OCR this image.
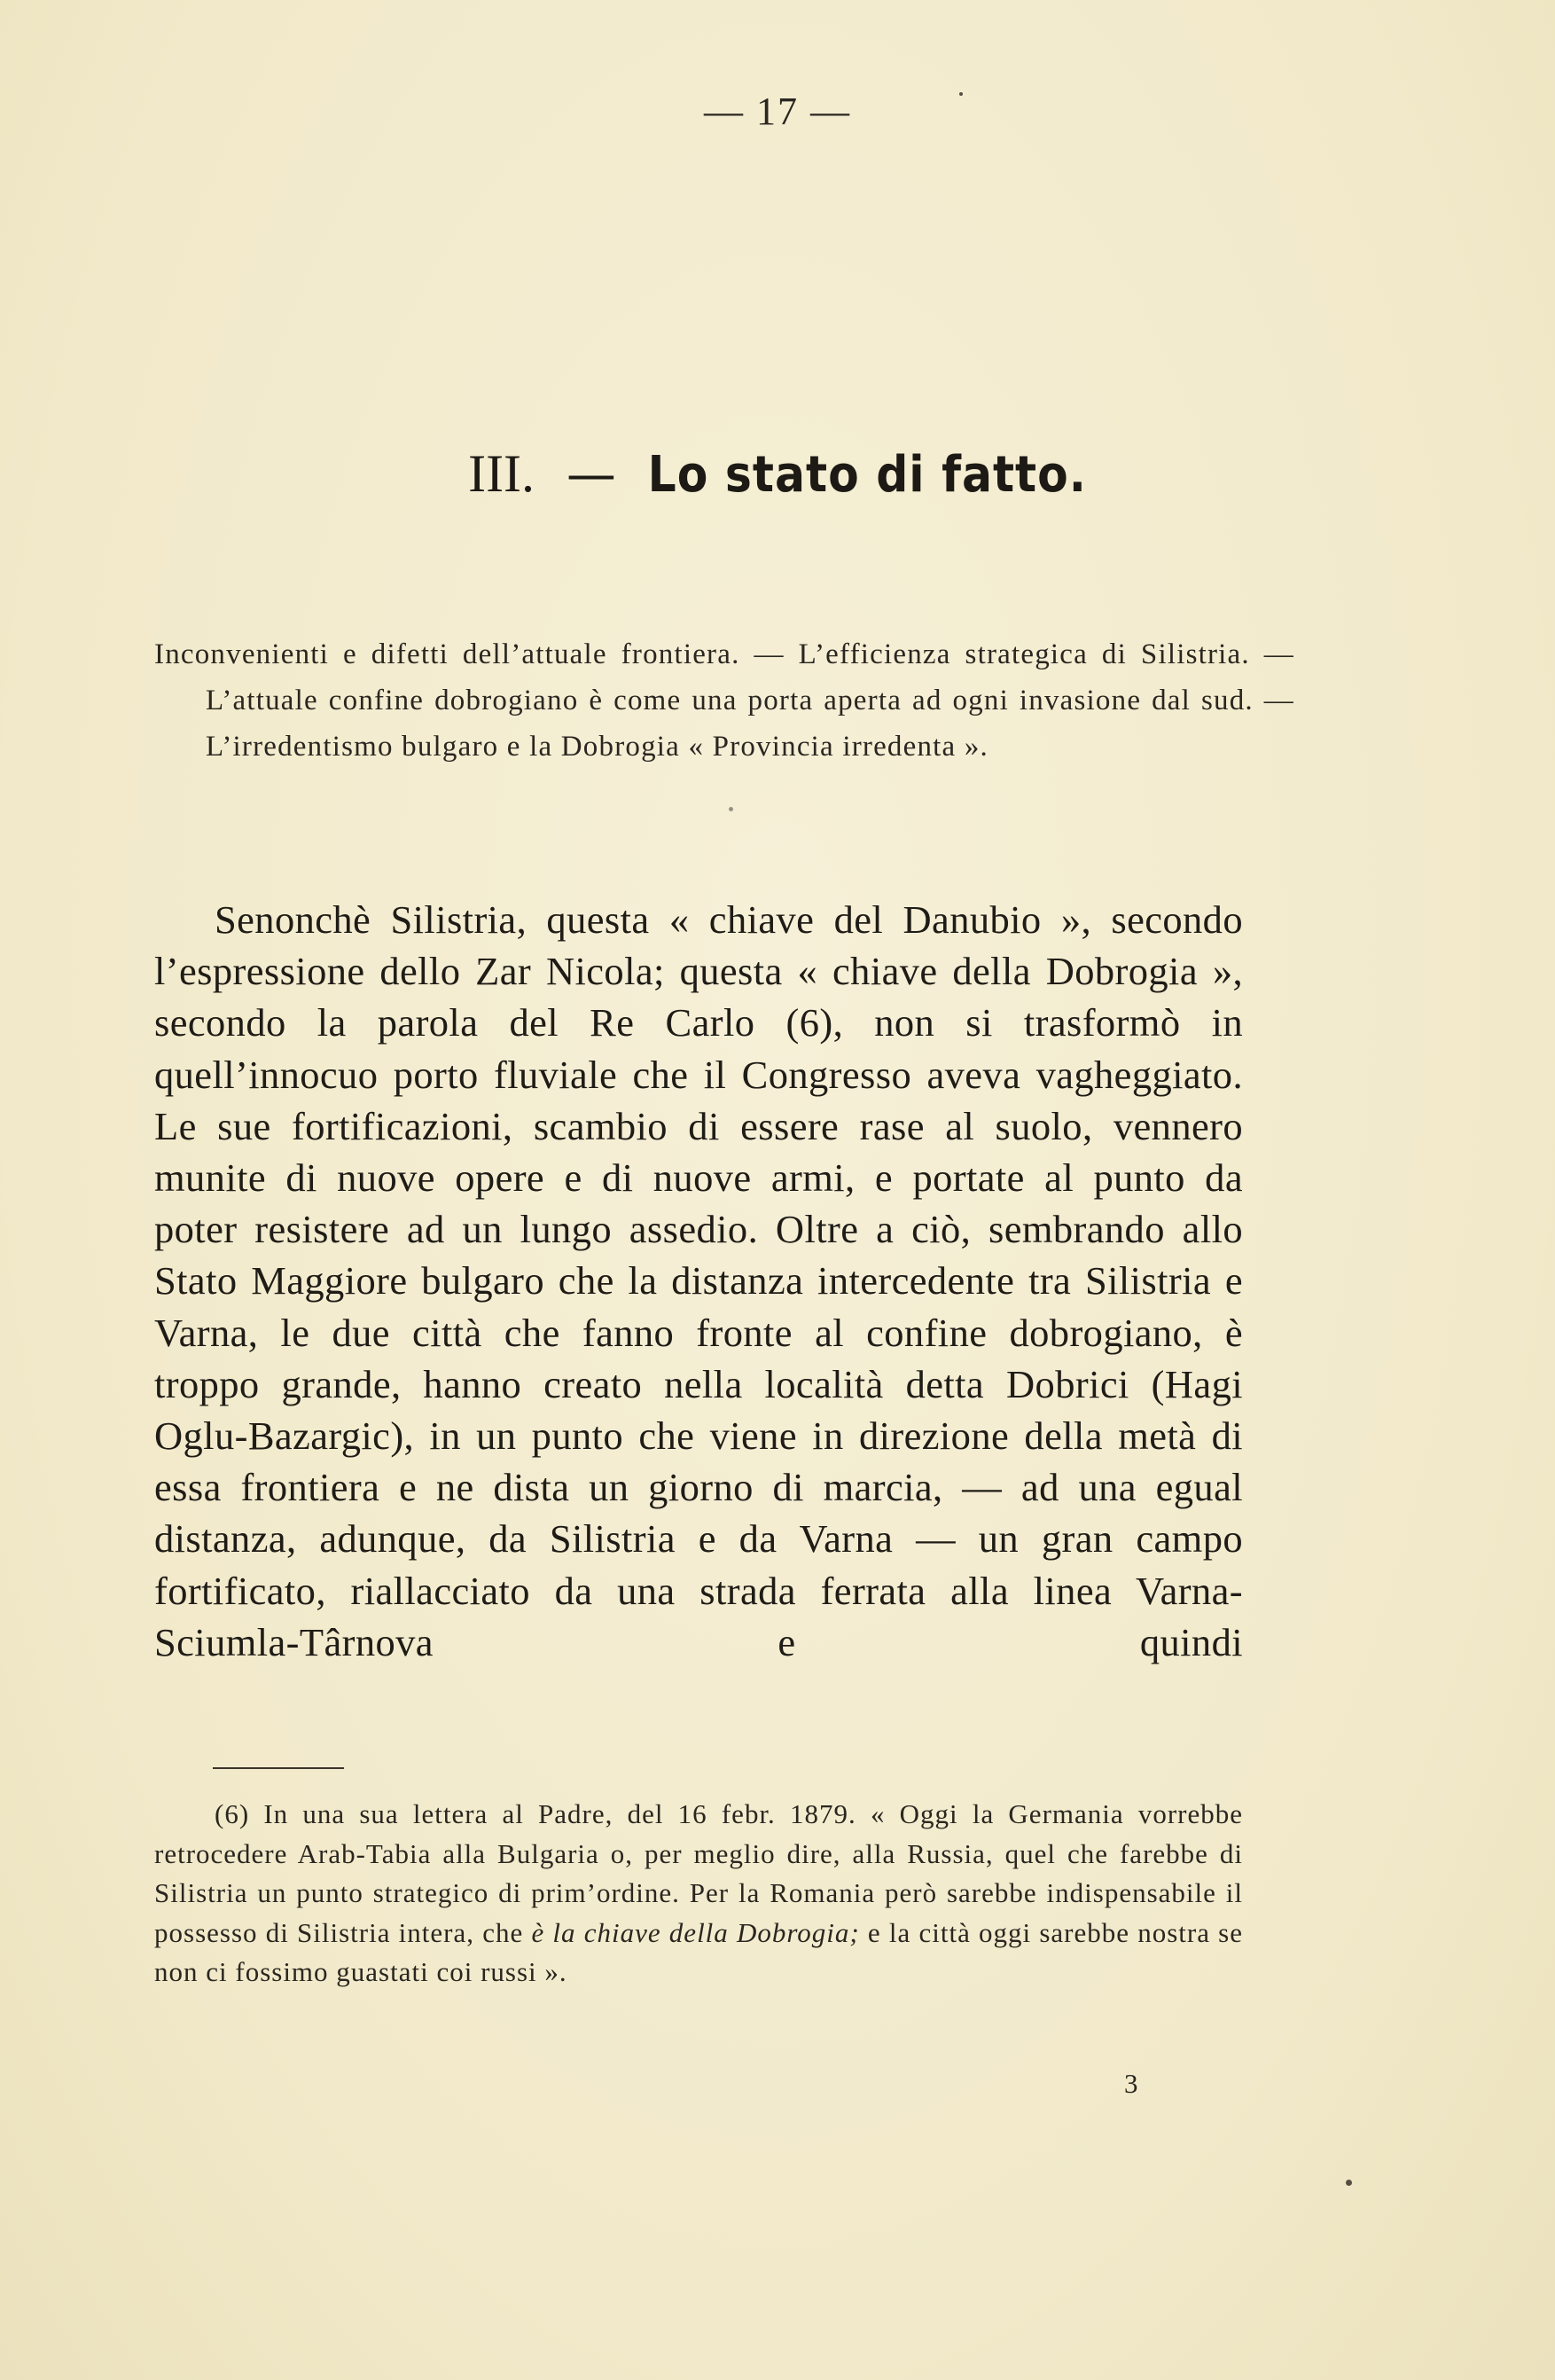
— 17 —
III. — Lo stato di fatto.
Inconvenienti e difetti dell’attuale frontiera. — L’efficienza strategica di Silistria. — L’attuale confine dobrogiano è come una porta aperta ad ogni invasione dal sud. — L’irredentismo bulgaro e la Dobrogia « Provincia irredenta ».
Senonchè Silistria, questa « chiave del Danubio », secondo l’espressione dello Zar Nicola; questa « chiave della Dobrogia », secondo la parola del Re Carlo (6), non si trasformò in quell’innocuo porto fluviale che il Congresso aveva vagheggiato. Le sue fortificazioni, scambio di essere rase al suolo, vennero munite di nuove opere e di nuove armi, e portate al punto da poter resistere ad un lungo assedio. Oltre a ciò, sembrando allo Stato Maggiore bulgaro che la distanza intercedente tra Silistria e Varna, le due città che fanno fronte al confine dobrogiano, è troppo grande, hanno creato nella località detta Dobrici (Hagi Oglu-Bazargic), in un punto che viene in direzione della metà di essa frontiera e ne dista un giorno di marcia, — ad una egual distanza, adunque, da Silistria e da Varna — un gran campo fortificato, riallacciato da una strada ferrata alla linea Varna-Sciumla-Târnova e quindi
(6) In una sua lettera al Padre, del 16 febr. 1879. « Oggi la Germania vorrebbe retrocedere Arab-Tabia alla Bulgaria o, per meglio dire, alla Russia, quel che farebbe di Silistria un punto strategico di prim’ordine. Per la Romania però sarebbe indispensabile il possesso di Silistria intera, che è la chiave della Dobrogia; e la città oggi sarebbe nostra se non ci fossimo guastati coi russi ».
3
